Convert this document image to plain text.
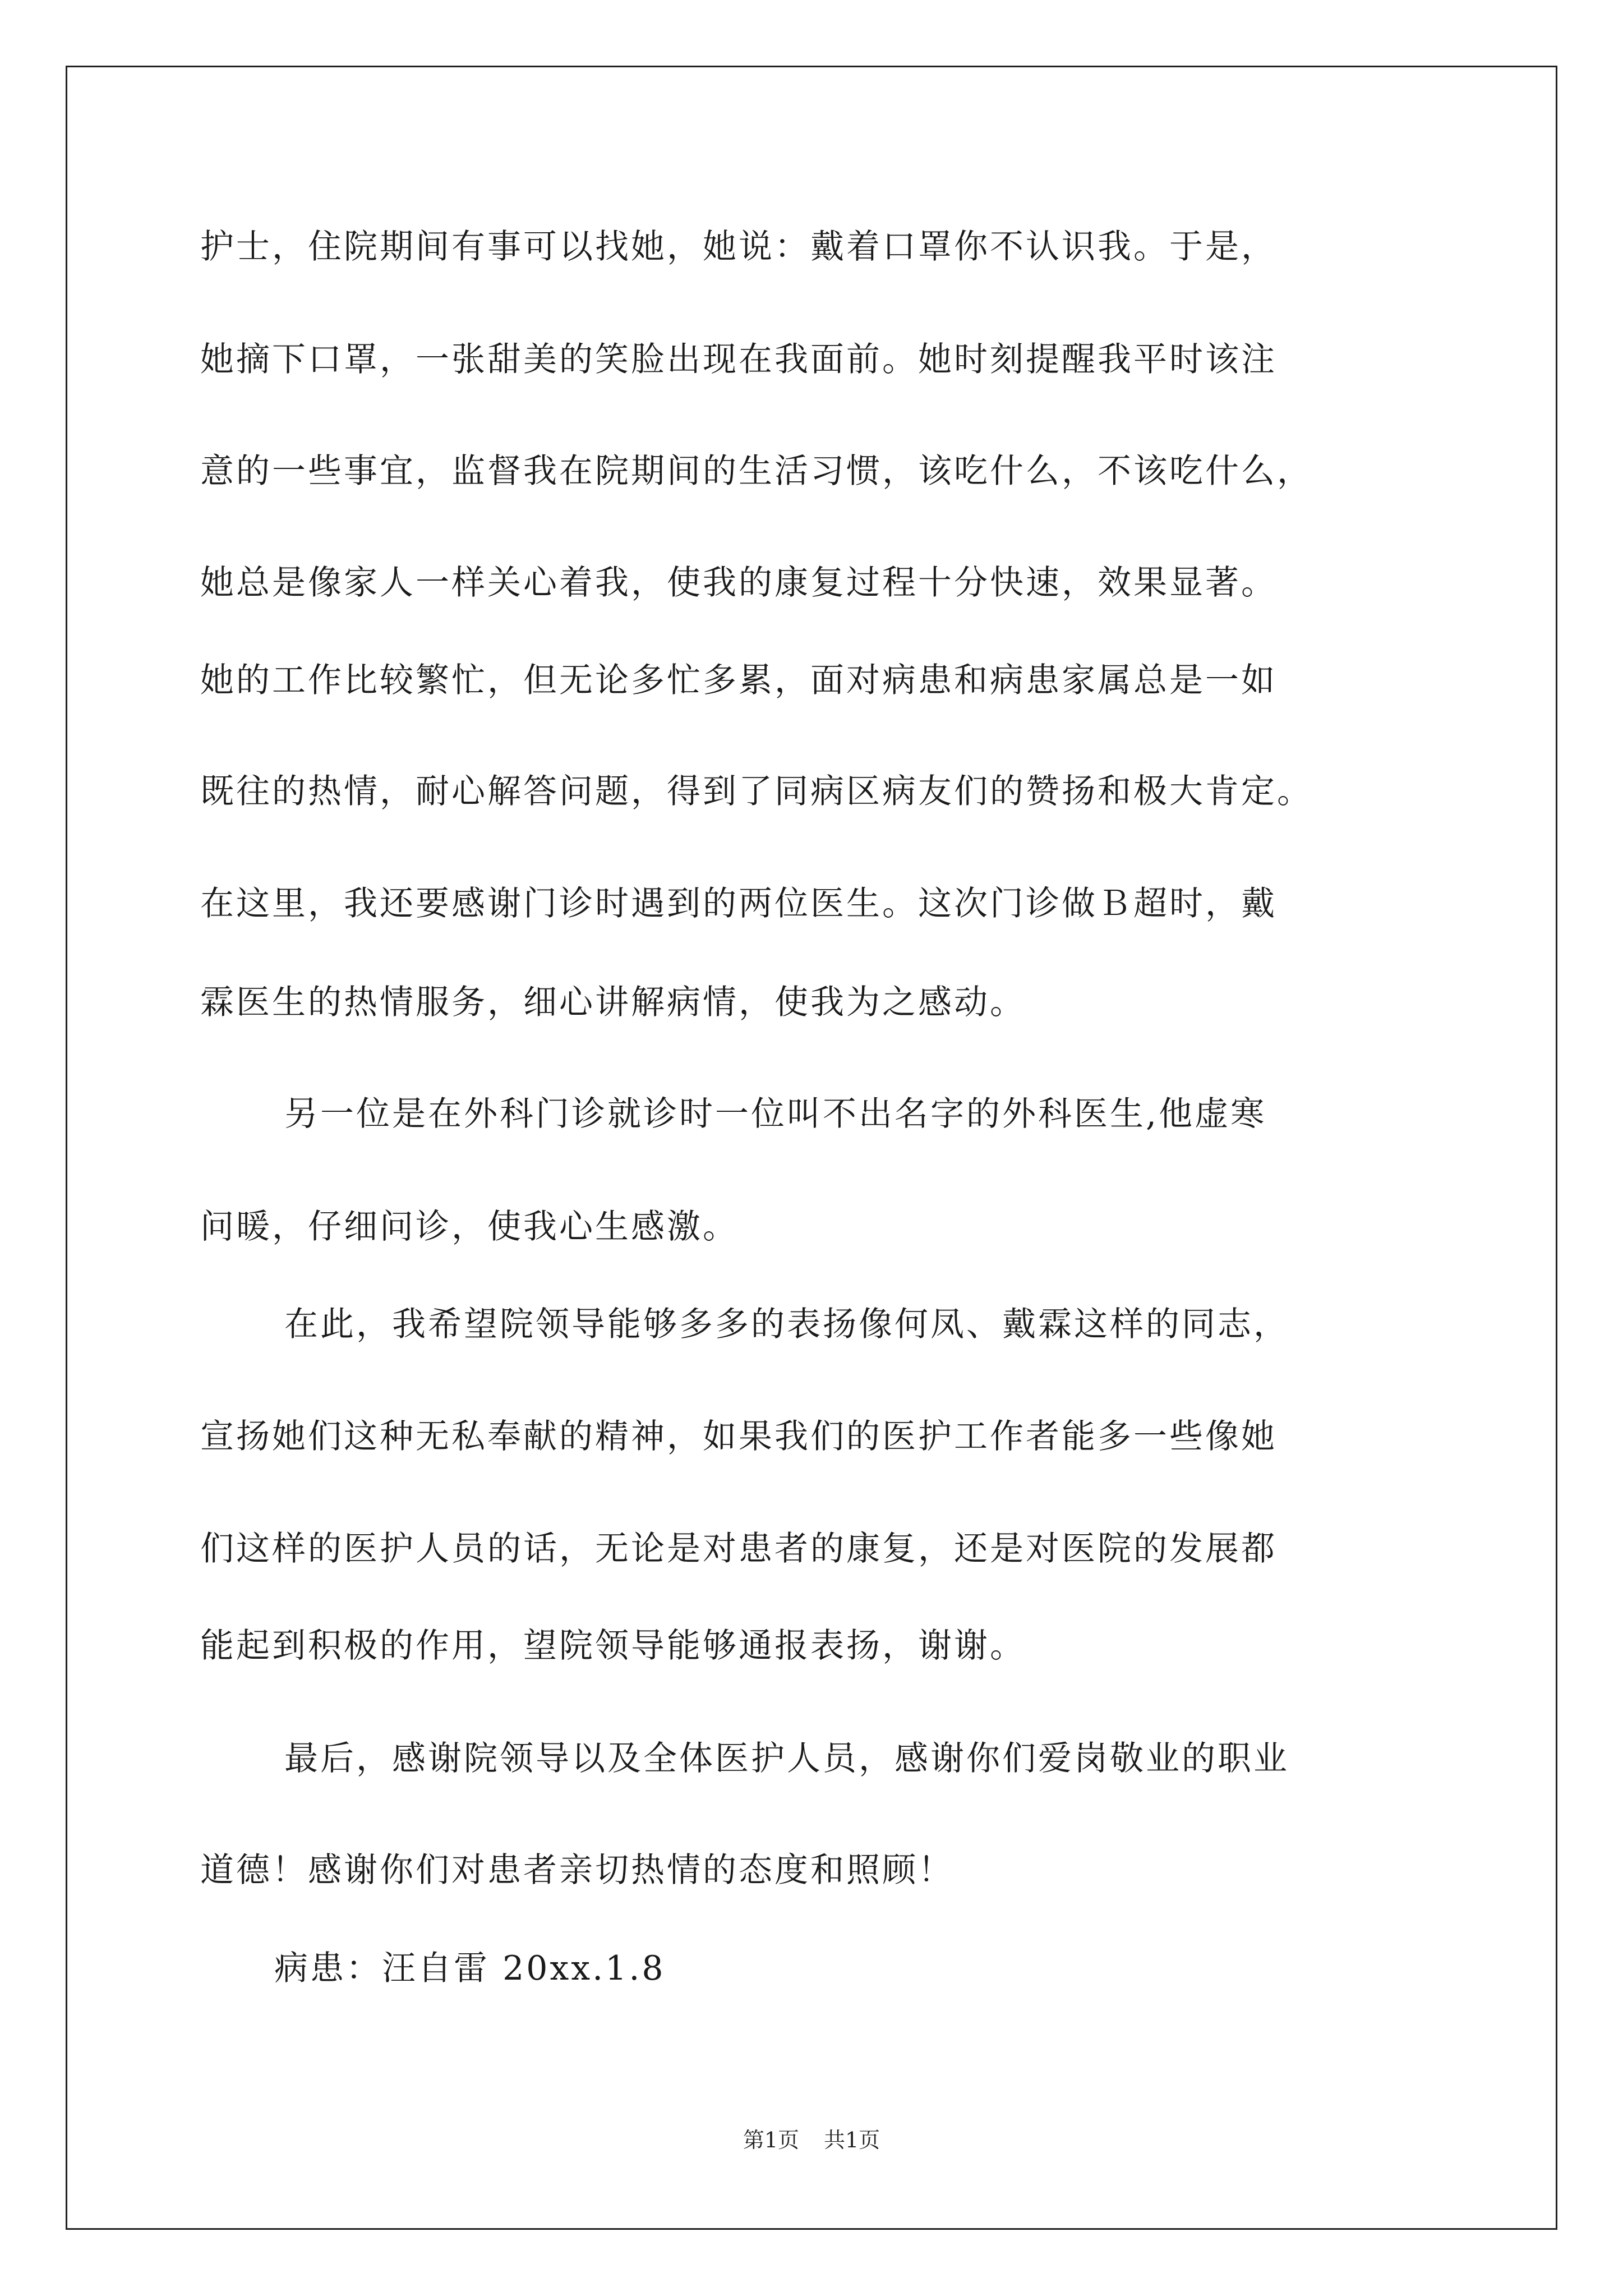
护士，住院期间有事可以找她，她说：戴着口罩你不认识我。于是，
她摘下口罩，一张甜美的笑脸出现在我面前。她时刻提醒我平时该注
意的一些事宜，监督我在院期间的生活习惯，该吃什么，不该吃什么，
她总是像家人一样关心着我，使我的康复过程十分快速，效果显著。
她的工作比较繁忙，但无论多忙多累，面对病患和病患家属总是一如
既往的热情，耐心解答问题，得到了同病区病友们的赞扬和极大肯定。
在这里，我还要感谢门诊时遇到的两位医生。这次门诊做Ｂ超时，戴
霖医生的热情服务，细心讲解病情，使我为之感动。
另一位是在外科门诊就诊时一位叫不出名字的外科医生,他虚寒
问暖，仔细问诊，使我心生感激。
在此，我希望院领导能够多多的表扬像何凤、戴霖这样的同志，
宣扬她们这种无私奉献的精神，如果我们的医护工作者能多一些像她
们这样的医护人员的话，无论是对患者的康复，还是对医院的发展都
能起到积极的作用，望院领导能够通报表扬，谢谢。
最后，感谢院领导以及全体医护人员，感谢你们爱岗敬业的职业
道德！感谢你们对患者亲切热情的态度和照顾！
病患：汪自雷 20xx.1.8
第1页 共1页
